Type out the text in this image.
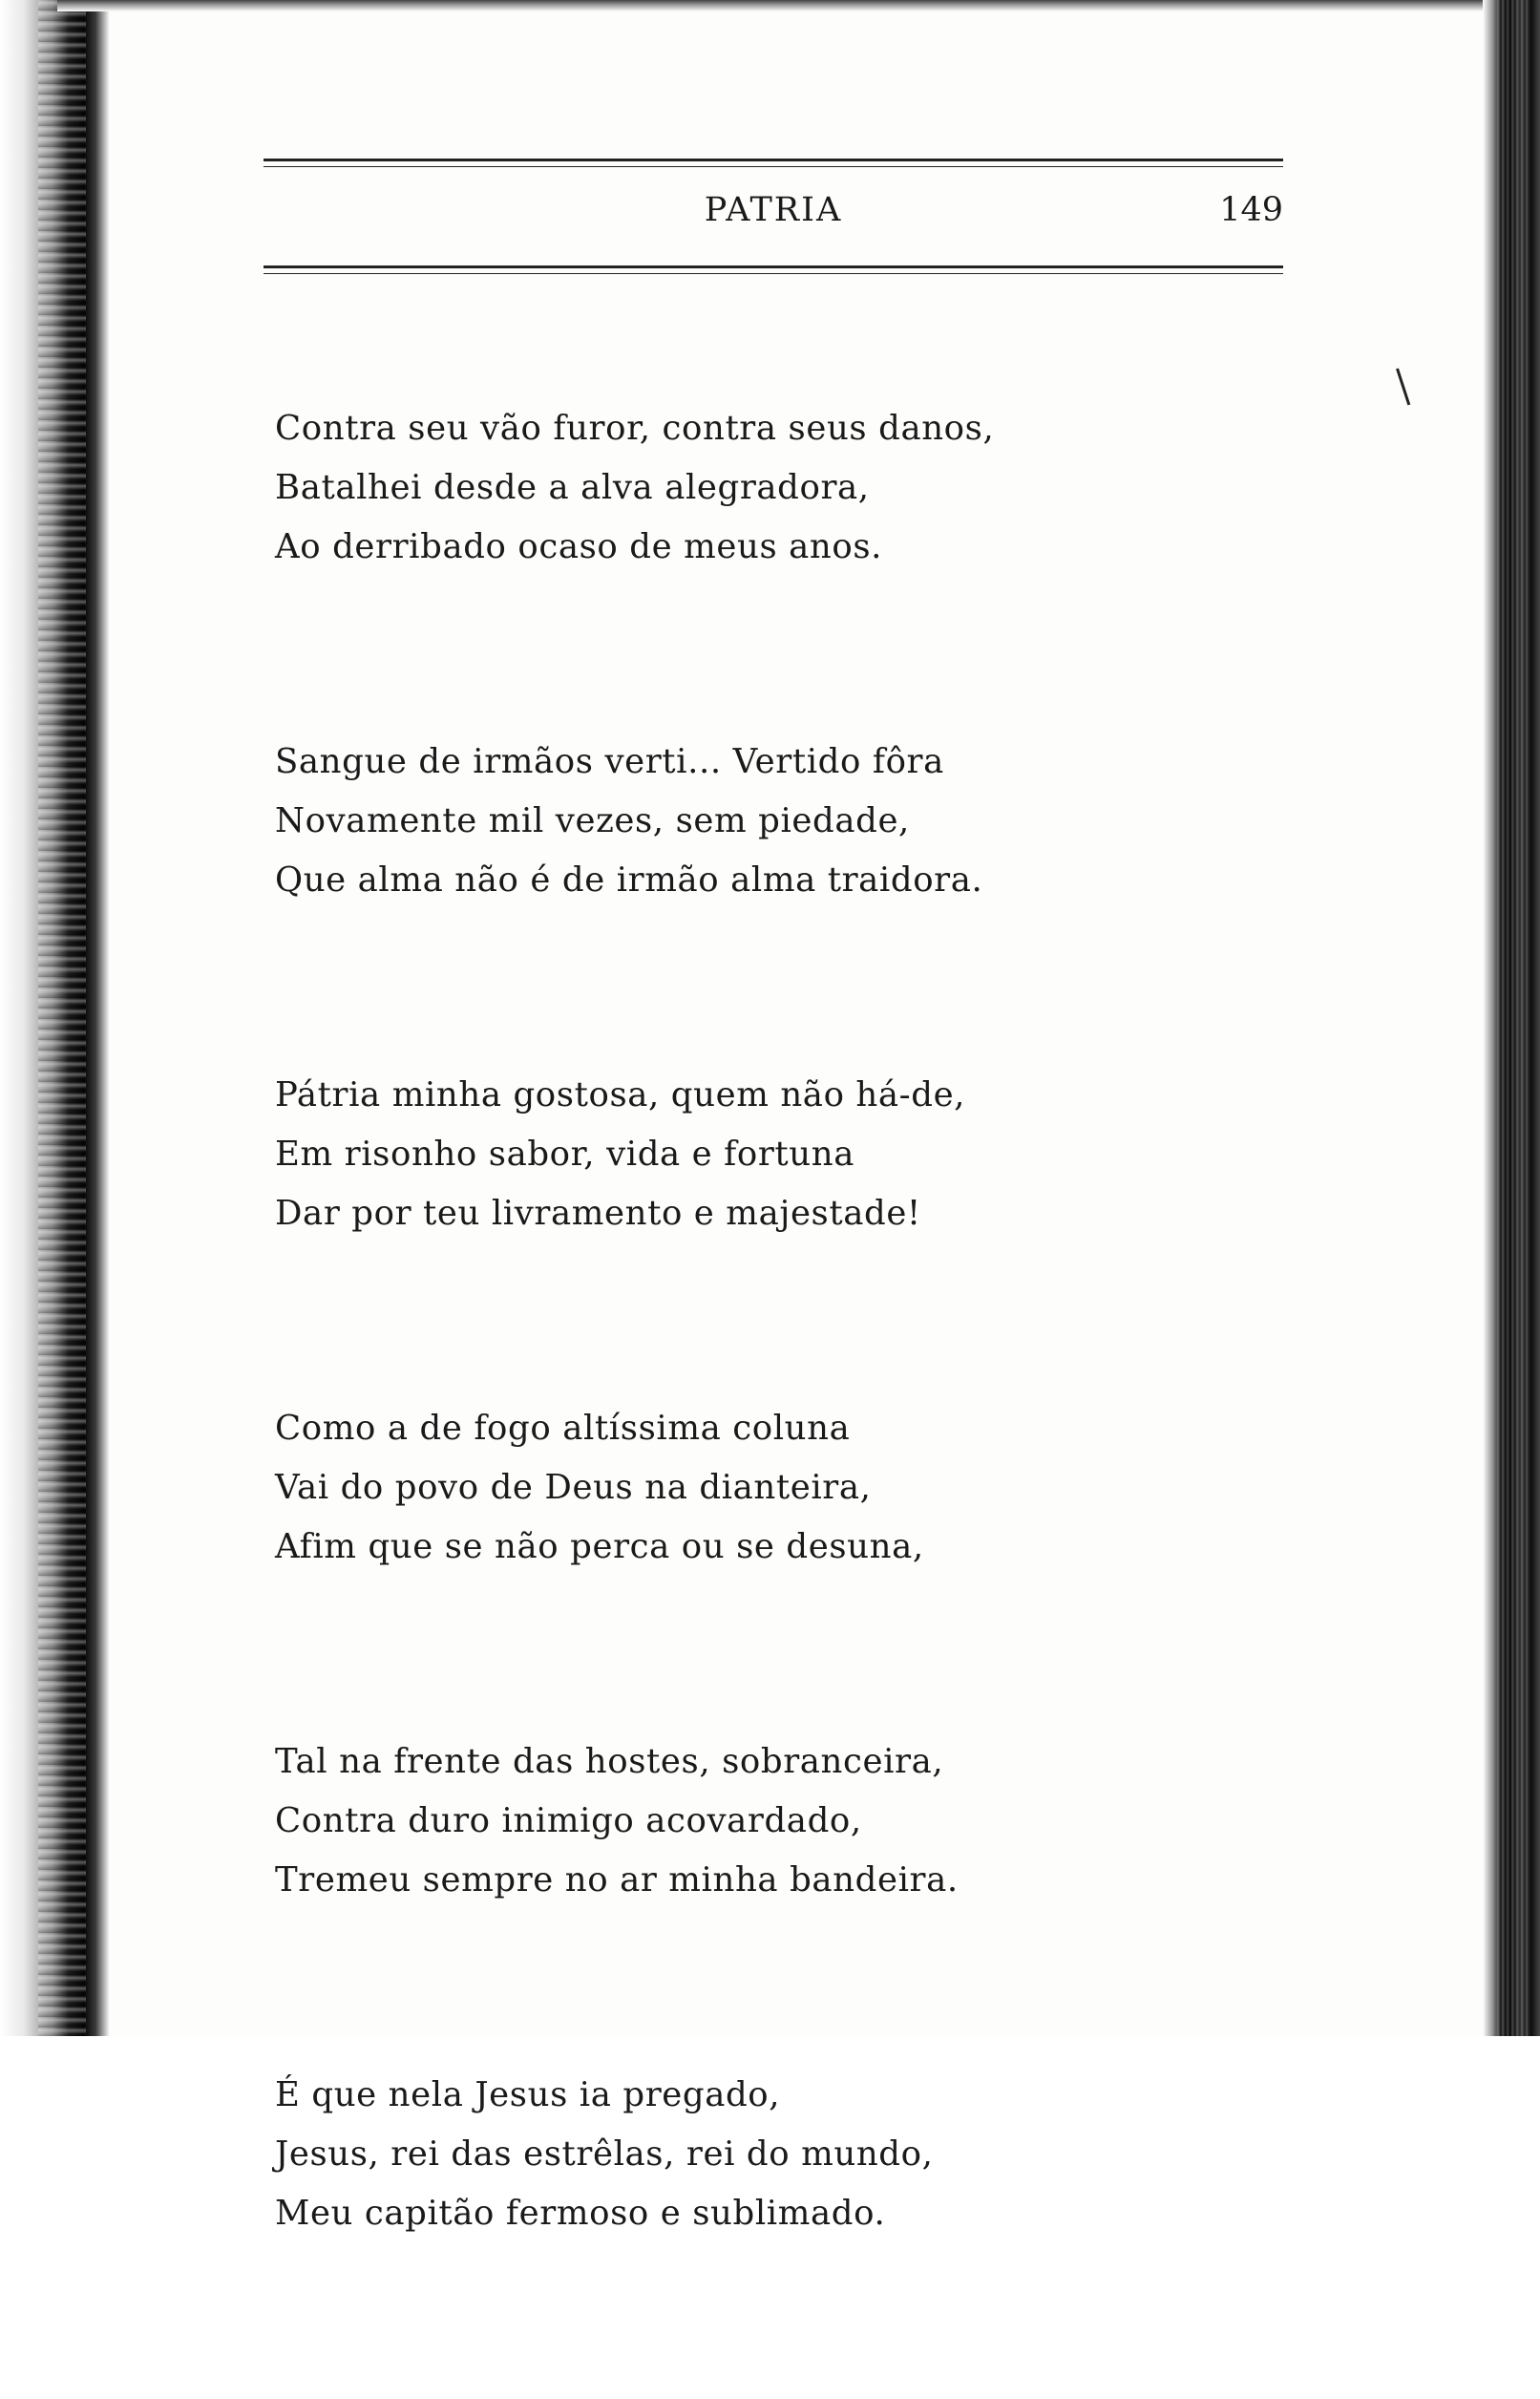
PATRIA	149
Contra seu vão furor, contra seus danos,
Batalhei desde a alva alegradora,
Ao derribado ocaso de meus anos.
Sangue de irmãos verti... Vertido fôra
Novamente mil vezes, sem piedade,
Que alma não é de irmão alma traidora.
Pátria minha gostosa, quem não há-de,
Em risonho sabor, vida e fortuna
Dar por teu livramento e majestade!
Como a de fogo altíssima coluna
Vai do povo de Deus na dianteira,
Afim que se não perca ou se desuna,
Tal na frente das hostes, sobranceira,
Contra duro inimigo acovardado,
Tremeu sempre no ar minha bandeira.
É que nela Jesus ia pregado,
Jesus, rei das estrêlas, rei do mundo,
Meu capitão fermoso e sublimado.
